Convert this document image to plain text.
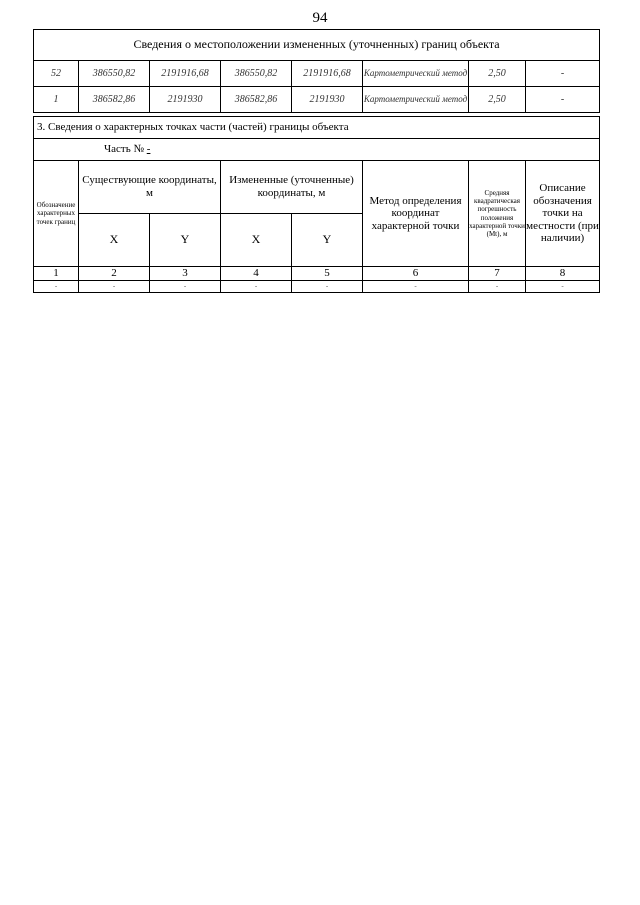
94
Сведения о местоположении измененных (уточненных) границ объекта							
52	386550,82	2191916,68	386550,82	2191916,68	Картометрический метод	2,50	-
1	386582,86	2191930	386582,86	2191930	Картометрический метод	2,50	-
3. Сведения о характерных точках части (частей) границы объекта							
Часть № -							
Обозначение характерных точек границ	Существующие координаты, м		Измененные (уточненные) координаты, м		Метод определения координат характерной точки	Средняя квадратическая погрешность положения характерной точки (Mt), м	Описание обозначения точки на местности (при наличии)
	X	Y	X	Y			
1	2	3	4	5	6	7	8
-	-	-	-	-	-	-	-
